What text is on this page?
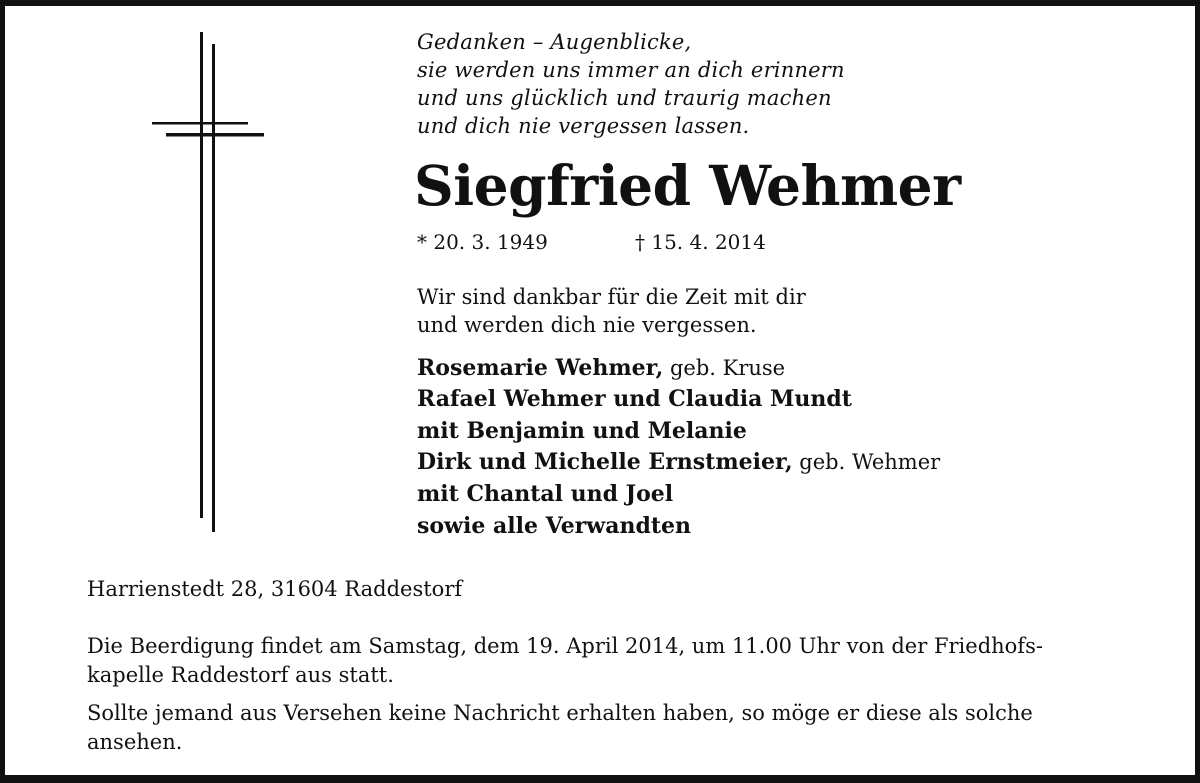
Gedanken – Augenblicke,
sie werden uns immer an dich erinnern
und uns glücklich und traurig machen
und dich nie vergessen lassen.
Siegfried Wehmer
* 20. 3. 1949	† 15. 4. 2014
Wir sind dankbar für die Zeit mit dir
und werden dich nie vergessen.
Rosemarie Wehmer, geb. Kruse
Rafael Wehmer und Claudia Mundt
mit Benjamin und Melanie
Dirk und Michelle Ernstmeier, geb. Wehmer
mit Chantal und Joel
sowie alle Verwandten
Harrienstedt 28, 31604 Raddestorf
Die Beerdigung findet am Samstag, dem 19. April 2014, um 11.00 Uhr von der Friedhofs-
kapelle Raddestorf aus statt.
Sollte jemand aus Versehen keine Nachricht erhalten haben, so möge er diese als solche
ansehen.
